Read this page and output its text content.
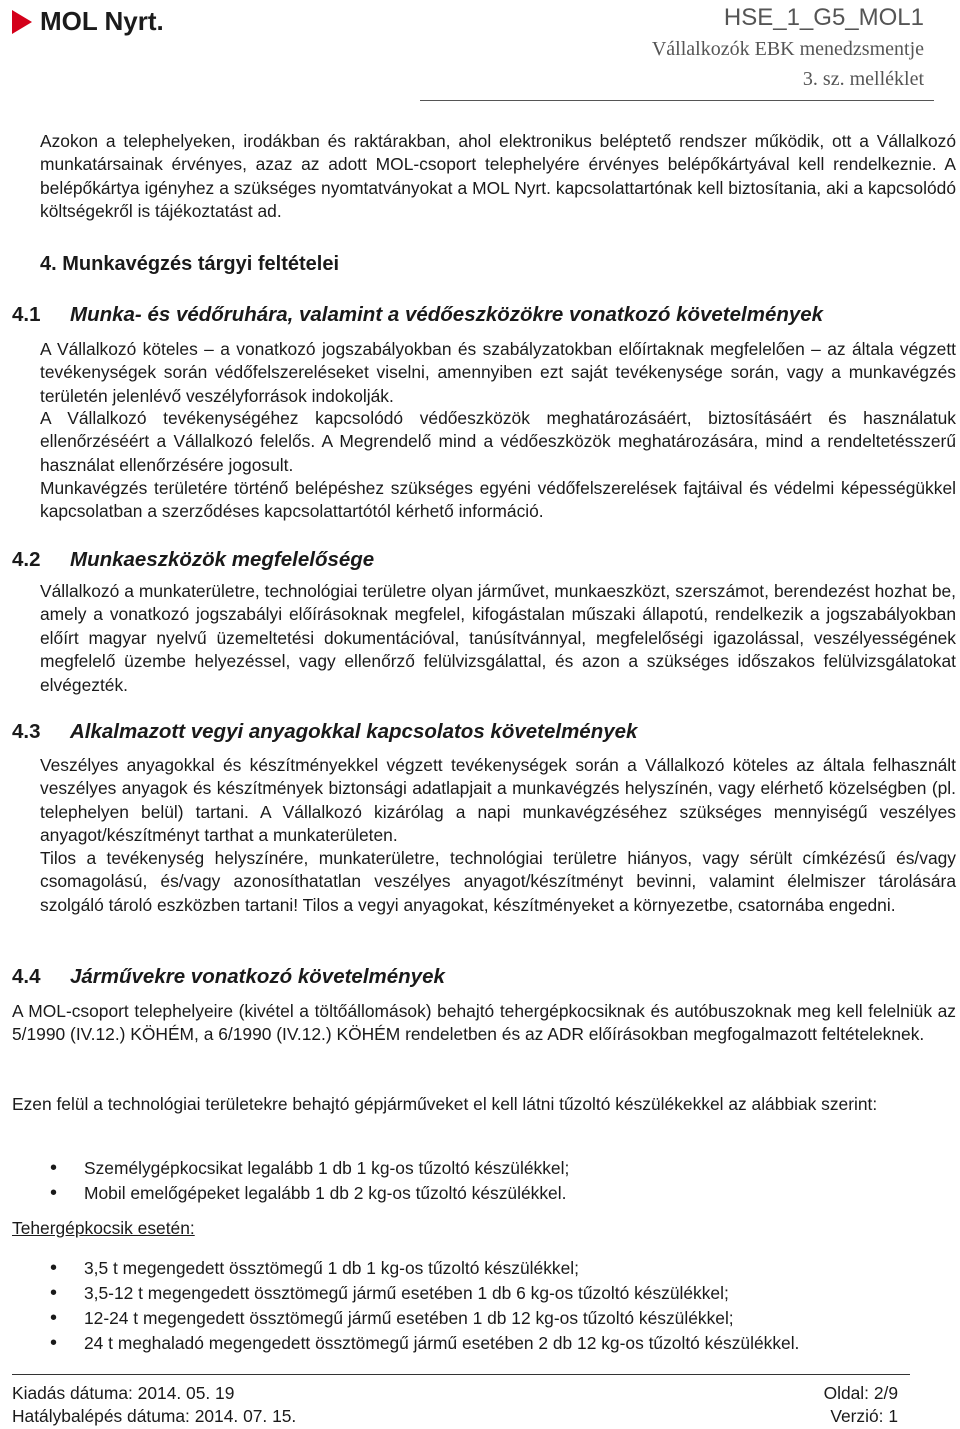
MOL Nyrt.	HSE_1_G5_MOL1
Vállalkozók EBK menedzsmentje
3. sz. melléklet
Azokon a telephelyeken, irodákban és raktárakban, ahol elektronikus beléptető rendszer működik, ott a Vállalkozó munkatársainak érvényes, azaz az adott MOL-csoport telephelyére érvényes belépőkártyával kell rendelkeznie. A belépőkártya igényhez a szükséges nyomtatványokat a MOL Nyrt. kapcsolattartónak kell biztosítania, aki a kapcsolódó költségekről is tájékoztatást ad.
4. Munkavégzés tárgyi feltételei
4.1 Munka- és védőruhára, valamint a védőeszközökre vonatkozó követelmények
A Vállalkozó köteles – a vonatkozó jogszabályokban és szabályzatokban előírtaknak megfelelően – az általa végzett tevékenységek során védőfelszereléseket viselni, amennyiben ezt saját tevékenysége során, vagy a munkavégzés területén jelenlévő veszélyforrások indokolják.
A Vállalkozó tevékenységéhez kapcsolódó védőeszközök meghatározásáért, biztosításáért és használatuk ellenőrzéséért a Vállalkozó felelős. A Megrendelő mind a védőeszközök meghatározására, mind a rendeltetésszerű használat ellenőrzésére jogosult.
Munkavégzés területére történő belépéshez szükséges egyéni védőfelszerelések fajtáival és védelmi képességükkel kapcsolatban a szerződéses kapcsolattartótól kérhető információ.
4.2 Munkaeszközök megfelelősége
Vállalkozó a munkaterületre, technológiai területre olyan járművet, munkaeszközt, szerszámot, berendezést hozhat be, amely a vonatkozó jogszabályi előírásoknak megfelel, kifogástalan műszaki állapotú, rendelkezik a jogszabályokban előírt magyar nyelvű üzemeltetési dokumentációval, tanúsítvánnyal, megfelelőségi igazolással, veszélyességének megfelelő üzembe helyezéssel, vagy ellenőrző felülvizsgálattal, és azon a szükséges időszakos felülvizsgálatokat elvégezték.
4.3 Alkalmazott vegyi anyagokkal kapcsolatos követelmények
Veszélyes anyagokkal és készítményekkel végzett tevékenységek során a Vállalkozó köteles az általa felhasznált veszélyes anyagok és készítmények biztonsági adatlapjait a munkavégzés helyszínén, vagy elérhető közelségben (pl. telephelyen belül) tartani. A Vállalkozó kizárólag a napi munkavégzéséhez szükséges mennyiségű veszélyes anyagot/készítményt tarthat a munkaterületen.
Tilos a tevékenység helyszínére, munkaterületre, technológiai területre hiányos, vagy sérült címkézésű és/vagy csomagolású, és/vagy azonosíthatatlan veszélyes anyagot/készítményt bevinni, valamint élelmiszer tárolására szolgáló tároló eszközben tartani! Tilos a vegyi anyagokat, készítményeket a környezetbe, csatornába engedni.
4.4 Járművekre vonatkozó követelmények
A MOL-csoport telephelyeire (kivétel a töltőállomások) behajtó tehergépkocsiknak és autóbuszoknak meg kell felelniük az 5/1990 (IV.12.) KÖHÉM, a 6/1990 (IV.12.) KÖHÉM rendeletben és az ADR előírásokban megfogalmazott feltételeknek.
Ezen felül a technológiai területekre behajtó gépjárműveket el kell látni tűzoltó készülékekkel az alábbiak szerint:
• Személygépkocsikat legalább 1 db 1 kg-os tűzoltó készülékkel;
• Mobil emelőgépeket legalább 1 db 2 kg-os tűzoltó készülékkel.
Tehergépkocsik esetén:
• 3,5 t megengedett össztömegű 1 db 1 kg-os tűzoltó készülékkel;
• 3,5-12 t megengedett össztömegű jármű esetében 1 db 6 kg-os tűzoltó készülékkel;
• 12-24 t megengedett össztömegű jármű esetében 1 db 12 kg-os tűzoltó készülékkel;
• 24 t meghaladó megengedett össztömegű jármű esetében 2 db 12 kg-os tűzoltó készülékkel.
Kiadás dátuma: 2014. 05. 19
Hatálybalépés dátuma: 2014. 07. 15.
Oldal: 2/9
Verzió: 1
